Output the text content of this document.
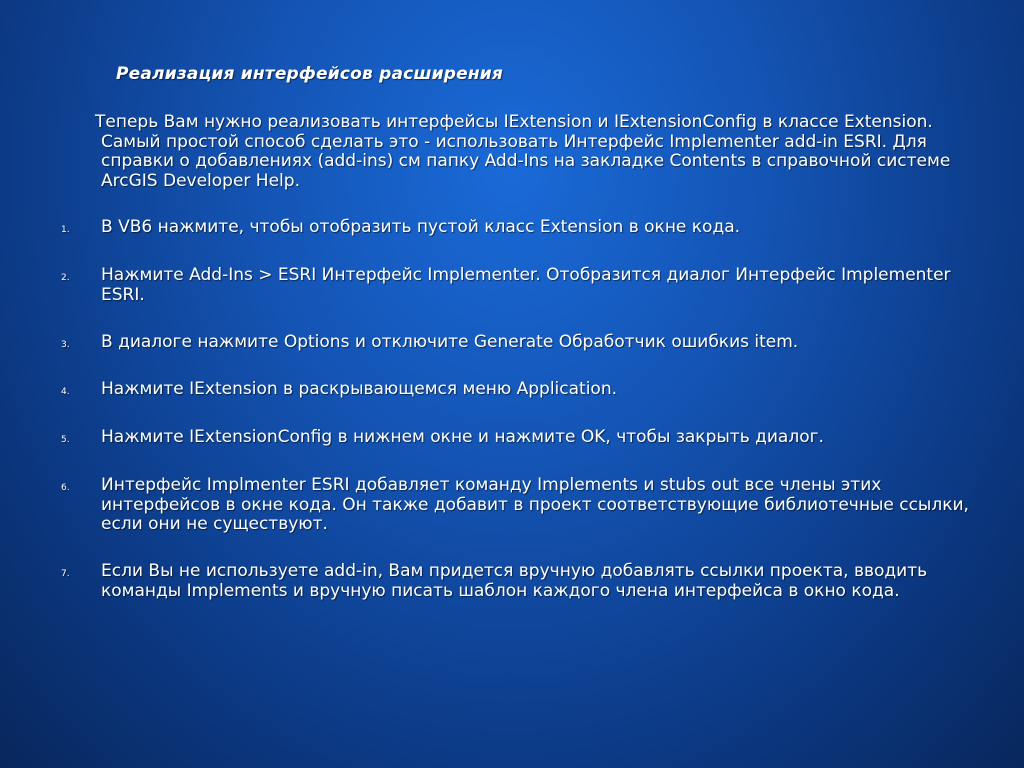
Реализация интерфейсов расширения
Теперь Вам нужно реализовать интерфейсы IExtension и IExtensionConfig в классе Extension. Самый простой способ сделать это - использовать Интерфейс Implementer add-in ESRI. Для справки о добавлениях (add-ins) см папку Add-Ins на закладке Contents в справочной системе ArcGIS Developer Help.
1. В VB6 нажмите, чтобы отобразить пустой класс Extension в окне кода.
2. Нажмите Add-Ins > ESRI Интерфейс Implementer. Отобразится диалог Интерфейс Implementer ESRI.
3. В диалоге нажмите Options и отключите Generate Обработчик ошибкиs item.
4. Нажмите IExtension в раскрывающемся меню Application.
5. Нажмите IExtensionConfig в нижнем окне и нажмите OK, чтобы закрыть диалог.
6. Интерфейс Implmenter ESRI добавляет команду Implements и stubs out все члены этих интерфейсов в окне кода. Он также добавит в проект соответствующие библиотечные ссылки, если они не существуют.
7. Если Вы не используете add-in, Вам придется вручную добавлять ссылки проекта, вводить команды Implements и вручную писать шаблон каждого члена интерфейса в окно кода.
